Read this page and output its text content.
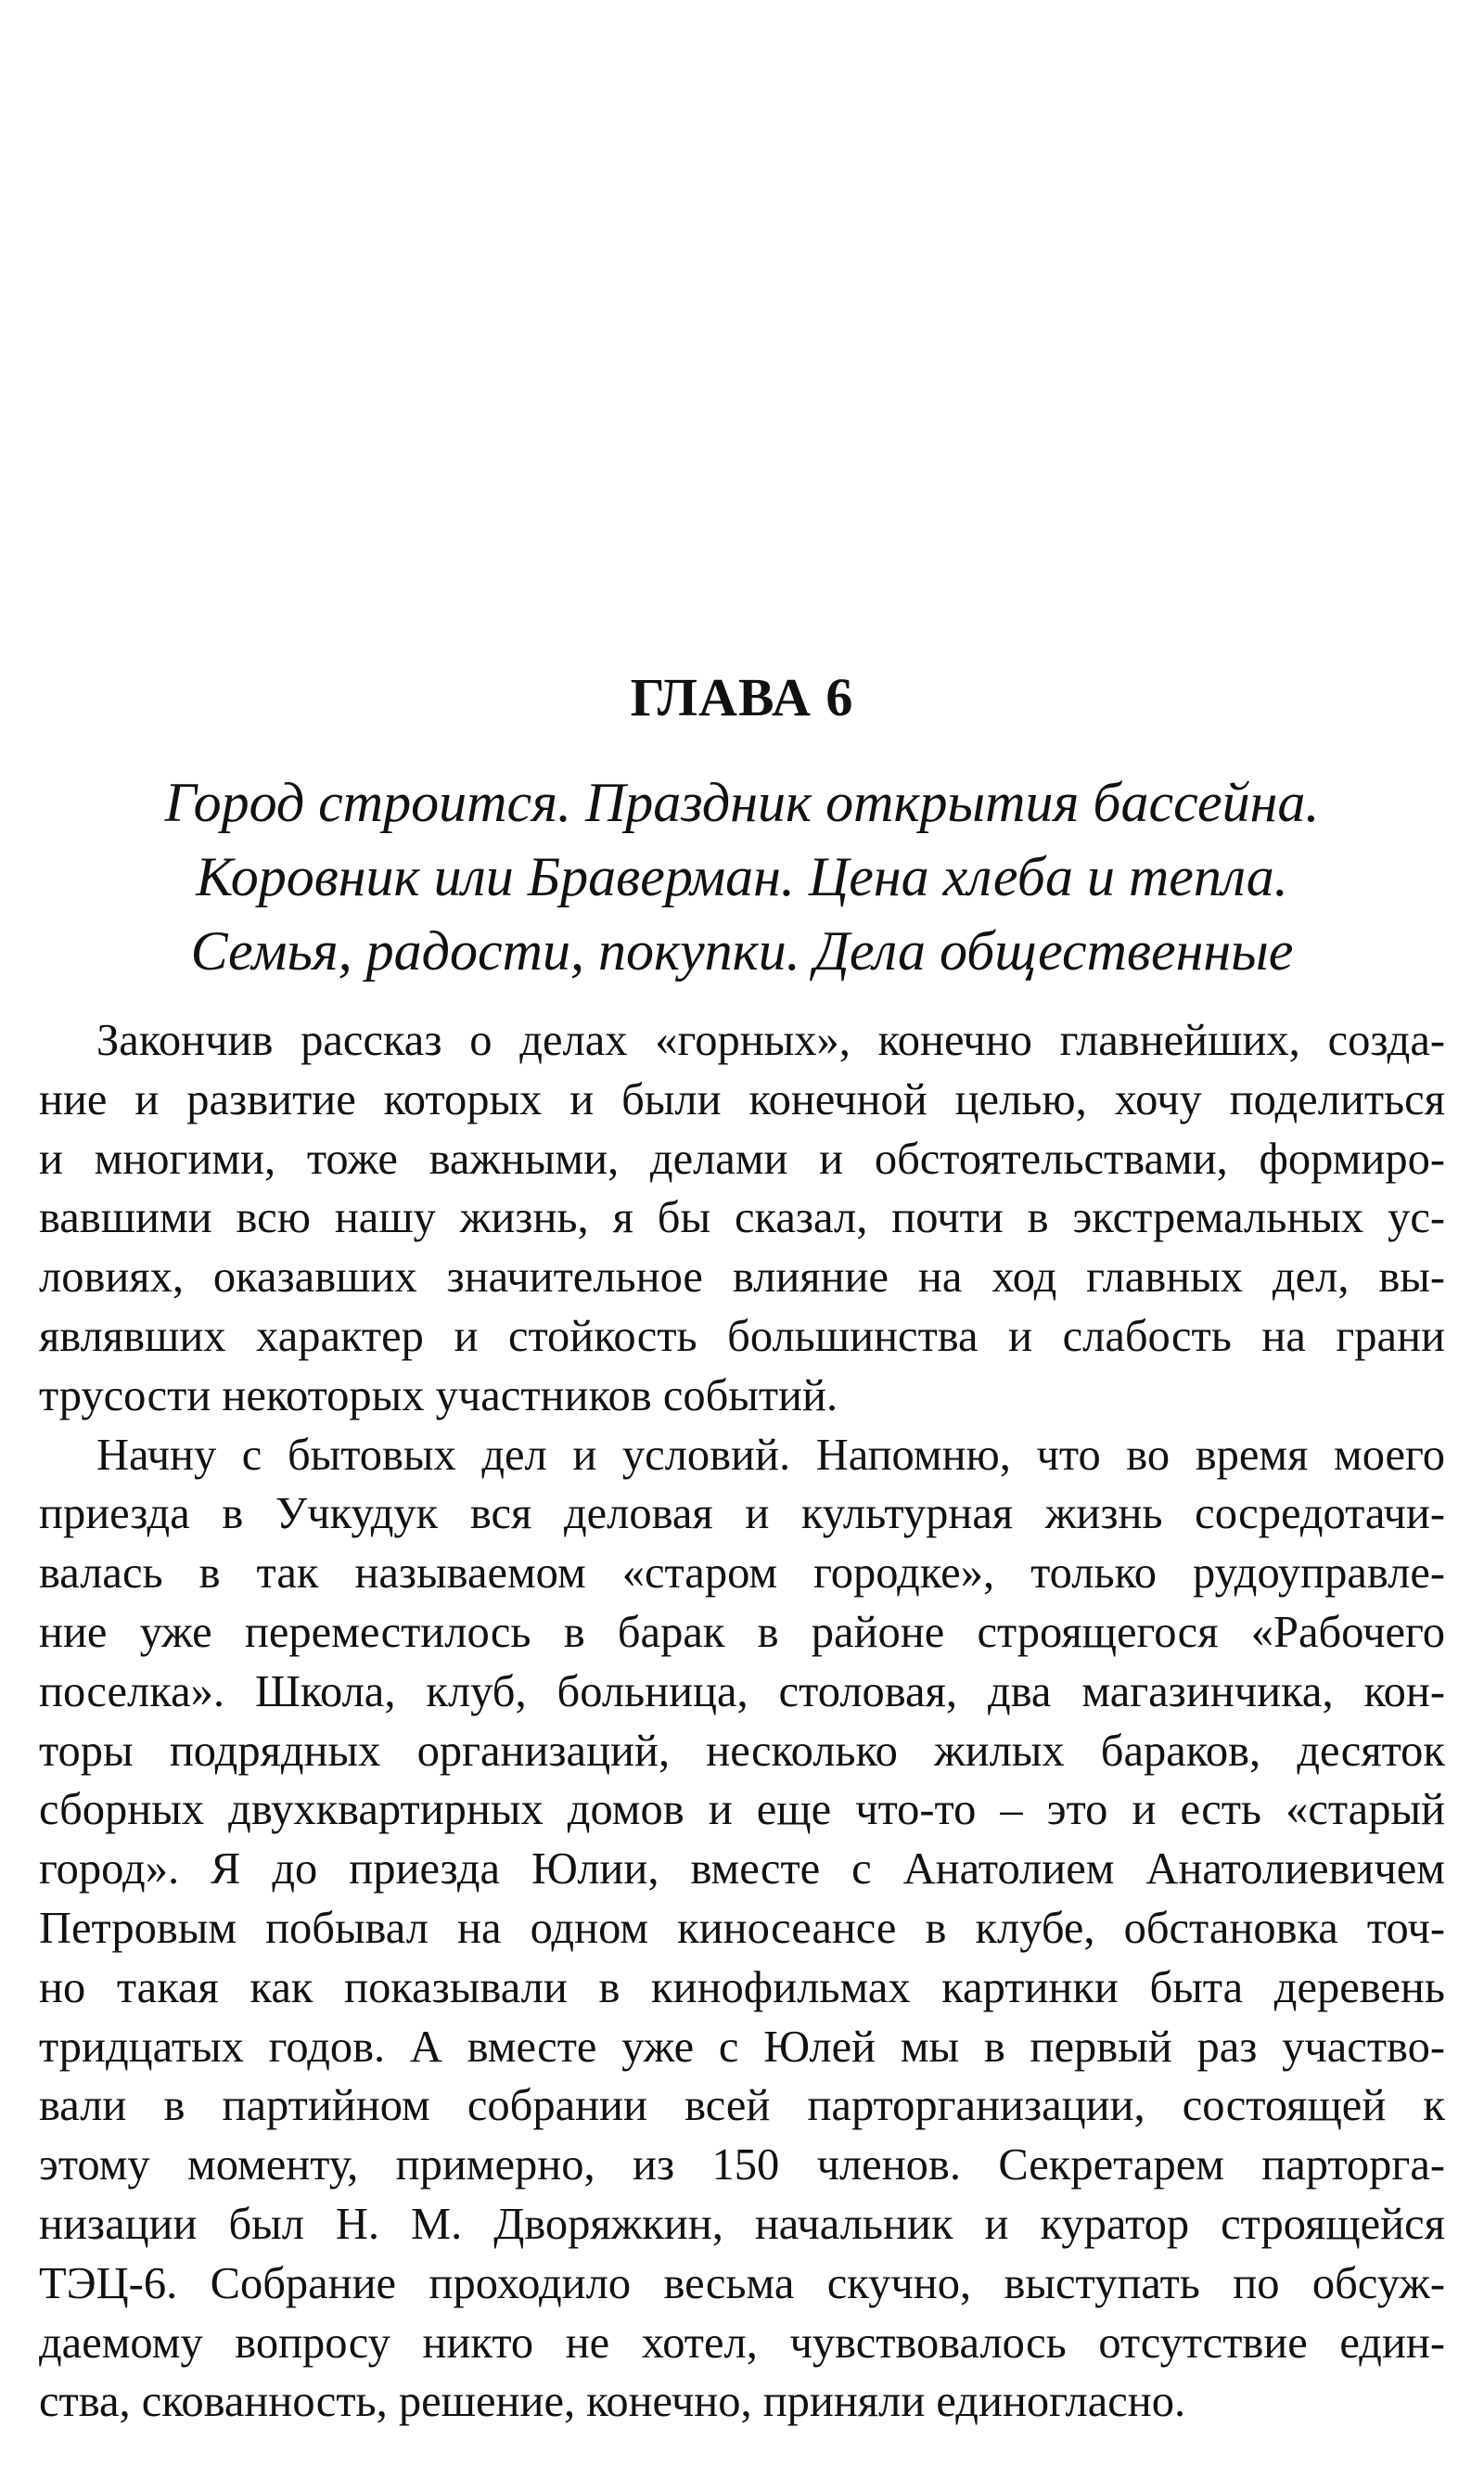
ГЛАВА 6
Город строится. Праздник открытия бассейна.
Коровник или Браверман. Цена хлеба и тепла.
Семья, радости, покупки. Дела общественные
Закончив рассказ о делах «горных», конечно главнейших, созда-
ние и развитие которых и были конечной целью, хочу поделиться
и многими, тоже важными, делами и обстоятельствами, формиро-
вавшими всю нашу жизнь, я бы сказал, почти в экстремальных ус-
ловиях, оказавших значительное влияние на ход главных дел, вы-
являвших характер и стойкость большинства и слабость на грани
трусости некоторых участников событий.
Начну с бытовых дел и условий. Напомню, что во время моего
приезда в Учкудук вся деловая и культурная жизнь сосредотачи-
валась в так называемом «старом городке», только рудоуправле-
ние уже переместилось в барак в районе строящегося «Рабочего
поселка». Школа, клуб, больница, столовая, два магазинчика, кон-
торы подрядных организаций, несколько жилых бараков, десяток
сборных двухквартирных домов и еще что-то – это и есть «старый
город». Я до приезда Юлии, вместе с Анатолием Анатолиевичем
Петровым побывал на одном киносеансе в клубе, обстановка точ-
но такая как показывали в кинофильмах картинки быта деревень
тридцатых годов. А вместе уже с Юлей мы в первый раз участво-
вали в партийном собрании всей парторганизации, состоящей к
этому моменту, примерно, из 150 членов. Секретарем парторга-
низации был Н. М. Дворяжкин, начальник и куратор строящейся
ТЭЦ-6. Собрание проходило весьма скучно, выступать по обсуж-
даемому вопросу никто не хотел, чувствовалось отсутствие един-
ства, скованность, решение, конечно, приняли единогласно.
